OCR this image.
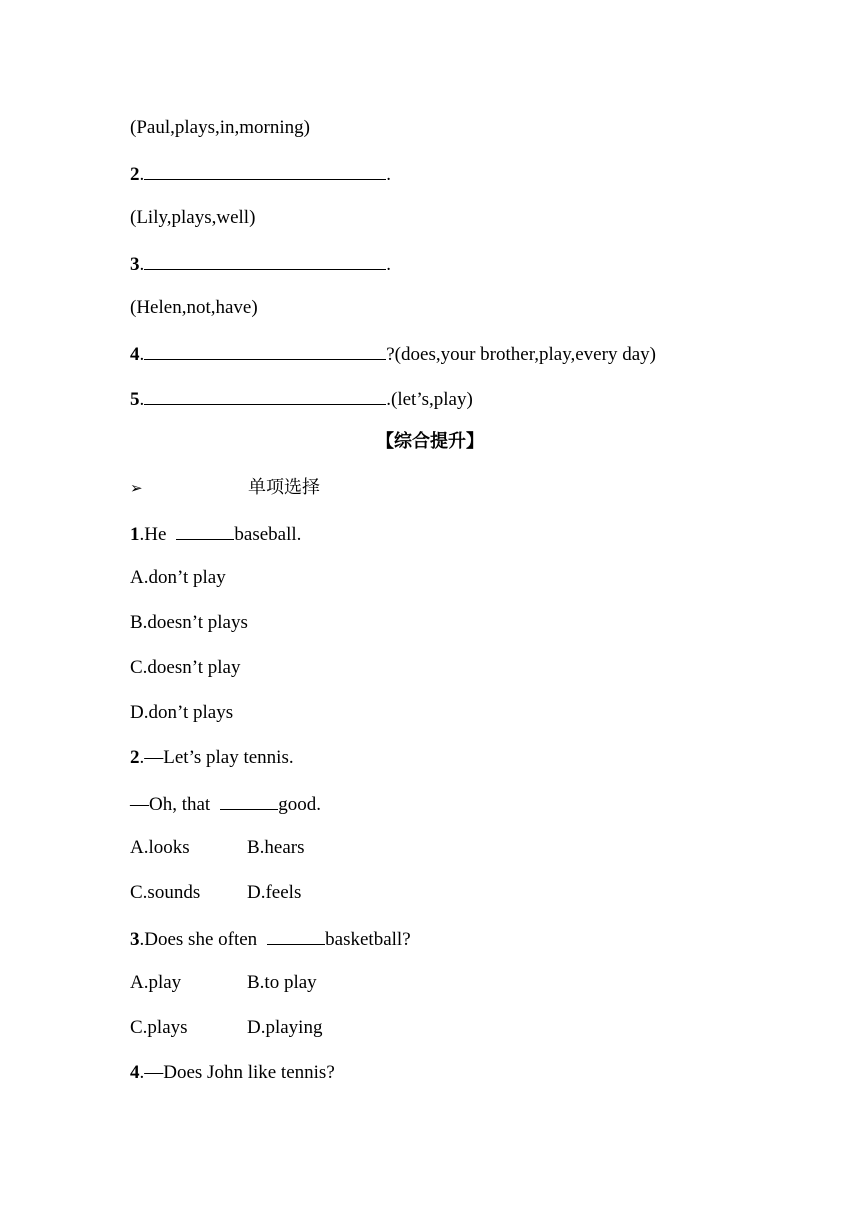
(Paul,plays,in,morning)
2.	.
(Lily,plays,well)
3.	.
(Helen,not,have)
4.	?(does,your brother,play,every day)
5.	.(let’s,play)
【综合提升】
➢	单项选择
1.He	baseball.
A.don’t play
B.doesn’t plays
C.doesn’t play
D.don’t plays
2.—Let’s play tennis.
—Oh, that	good.
A.looks	B.hears
C.sounds D.feels
3.Does she often	basketball?
A.play	B.to play
C.plays	D.playing
4.—Does John like tennis?
